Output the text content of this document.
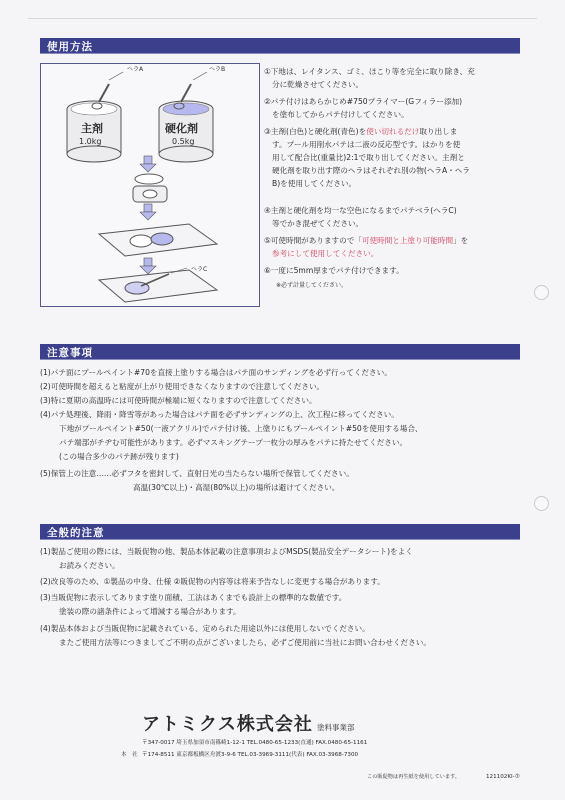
使用方法
ヘラA	ヘラB
主剤
1.0kg
硬化剤
0.5kg
ヘラC
①下地は、レイタンス、ゴミ、ほこり等を完全に取り除き、充
分に乾燥させてください。
②パテ付けはあらかじめ#750プライマー(Gフィラー添加)
を塗布してからパテ付けしてください。
③主剤(白色)と硬化剤(青色)を使い切れるだけ取り出しま
す。プール用削水パテは二液の反応型です。はかりを使
用して配合比(重量比)2:1で取り出してください。主剤と
硬化剤を取り出す際のヘラはそれぞれ別の物(ヘラA・ヘラ
B)を使用してください。
④主剤と硬化剤を均一な空色になるまでパテベラ(ヘラC)
等でかき混ぜてください。
⑤可使時間がありますので「可使時間と上塗り可能時間」を
参考にして使用してください。
⑥一度に5mm厚までパテ付けできます。
※必ず計量してください。
注意事項
(1)パテ面にプールペイント#70を直接上塗りする場合はパテ面のサンディングを必ず行ってください。
(2)可使時間を超えると粘度が上がり使用できなくなりますので注意してください。
(3)特に夏期の高温時には可使時間が極端に短くなりますので注意してください。
(4)パテ処理後、降雨・降雪等があった場合はパテ面を必ずサンディングの上、次工程に移ってください。
下地がプールペイント#50(一液アクリル)でパテ付け後、上塗りにもプールペイント#50を使用する場合、
パテ端部がチヂむ可能性があります。必ずマスキングテープ一枚分の厚みをパテに持たせてください。
(この場合多少のパテ跡が残ります)
(5)保管上の注意……必ずフタを密封して、直射日光の当たらない場所で保管してください。
高温(30℃以上)・高湿(80%以上)の場所は避けてください。
全般的注意
(1)製品ご使用の際には、当販促物の他、製品本体記載の注意事項およびMSDS(製品安全データシート)をよく
お読みください。
(2)改良等のため、①製品の中身、仕様 ②販促物の内容等は将来予告なしに変更する場合があります。
(3)当販促物に表示してあります塗り面積、工法はあくまでも設計上の標準的な数値です。
塗装の際の諸条件によって増減する場合があります。
(4)製品本体および当販促物に記載されている、定められた用途以外には使用しないでください。
またご使用方法等につきましてご不明の点がございましたら、必ずご使用前に当社にお問い合わせください。
アトミクス株式会社 塗料事業部
〒347-0017 埼玉県加須市南篠崎1-12-1 TEL.0480-65-1233(直通) FAX.0480-65-1161
本　社 〒174-8511 東京都板橋区舟渡3-9-6 TEL.03-3969-3111(代表) FAX.03-3968-7300
この販促物は再生紙を使用しています。	121102KI-⑦
